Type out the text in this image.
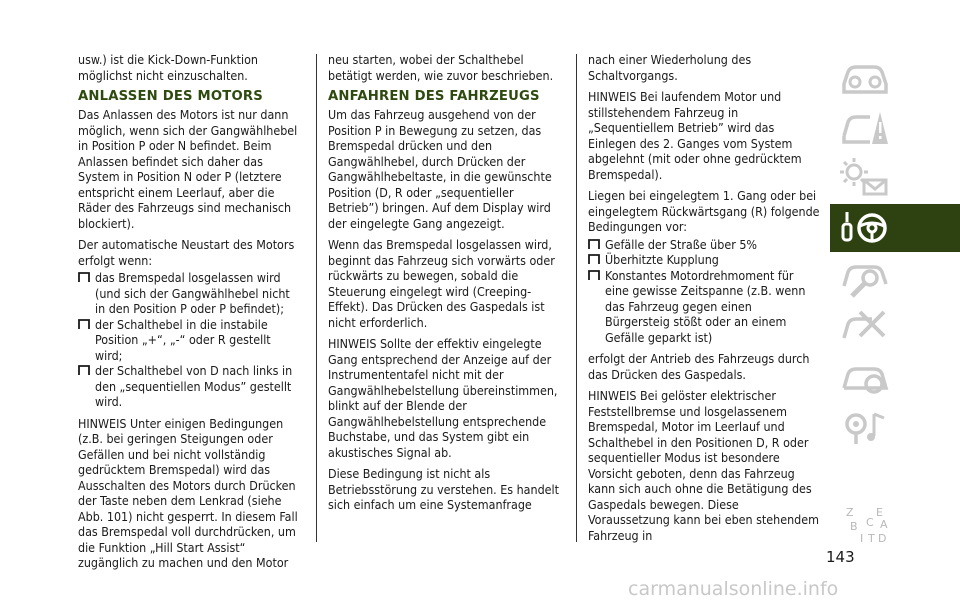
usw.) ist die Kick-Down-Funktion möglichst nicht einzuschalten.

ANLASSEN DES MOTORS

Das Anlassen des Motors ist nur dann möglich, wenn sich der Gangwählhebel in Position P oder N befindet. Beim Anlassen befindet sich daher das System in Position N oder P (letztere entspricht einem Leerlauf, aber die Räder des Fahrzeugs sind mechanisch blockiert).

Der automatische Neustart des Motors erfolgt wenn:

das Bremspedal losgelassen wird (und sich der Gangwählhebel nicht in den Position P oder P befindet);
der Schalthebel in die instabile Position „+“, „-“ oder R gestellt wird;
der Schalthebel von D nach links in den „sequentiellen Modus” gestellt wird.

HINWEIS Unter einigen Bedingungen (z.B. bei geringen Steigungen oder Gefällen und bei nicht vollständig gedrücktem Bremspedal) wird das Ausschalten des Motors durch Drücken der Taste neben dem Lenkrad (siehe Abb. 101) nicht gesperrt. In diesem Fall das Bremspedal voll durchdrücken, um die Funktion „Hill Start Assist“ zugänglich zu machen und den Motor

neu starten, wobei der Schalthebel betätigt werden, wie zuvor beschrieben.

ANFAHREN DES FAHRZEUGS

Um das Fahrzeug ausgehend von der Position P in Bewegung zu setzen, das Bremspedal drücken und den Gangwählhebel, durch Drücken der Gangwählhebeltaste, in die gewünschte Position (D, R oder „sequentieller Betrieb”) bringen. Auf dem Display wird der eingelegte Gang angezeigt.

Wenn das Bremspedal losgelassen wird, beginnt das Fahrzeug sich vorwärts oder rückwärts zu bewegen, sobald die Steuerung eingelegt wird (Creeping-Effekt). Das Drücken des Gaspedals ist nicht erforderlich.

HINWEIS Sollte der effektiv eingelegte Gang entsprechend der Anzeige auf der Instrumententafel nicht mit der Gangwählhebelstellung übereinstimmen, blinkt auf der Blende der Gangwählhebelstellung entsprechende Buchstabe, und das System gibt ein akustisches Signal ab.

Diese Bedingung ist nicht als Betriebsstörung zu verstehen. Es handelt sich einfach um eine Systemanfrage

nach einer Wiederholung des Schaltvorgangs.

HINWEIS Bei laufendem Motor und stillstehendem Fahrzeug in „Sequentiellem Betrieb” wird das Einlegen des 2. Ganges vom System abgelehnt (mit oder ohne gedrücktem Bremspedal).

Liegen bei eingelegtem 1. Gang oder bei eingelegtem Rückwärtsgang (R) folgende Bedingungen vor:

Gefälle der Straße über 5%
Überhitzte Kupplung
Konstantes Motordrehmoment für eine gewisse Zeitspanne (z.B. wenn das Fahrzeug gegen einen Bürgersteig stößt oder an einem Gefälle geparkt ist)

erfolgt der Antrieb des Fahrzeugs durch das Drücken des Gaspedals.

HINWEIS Bei gelöster elektrischer Feststellbremse und losgelassenem Bremspedal, Motor im Leerlauf und Schalthebel in den Positionen D, R oder sequentieller Modus ist besondere Vorsicht geboten, denn das Fahrzeug kann sich auch ohne die Betätigung des Gaspedals bewegen. Diese Voraussetzung kann bei eben stehendem Fahrzeug in

Z E
B C A
I T D
143
carmanualsonline.info
